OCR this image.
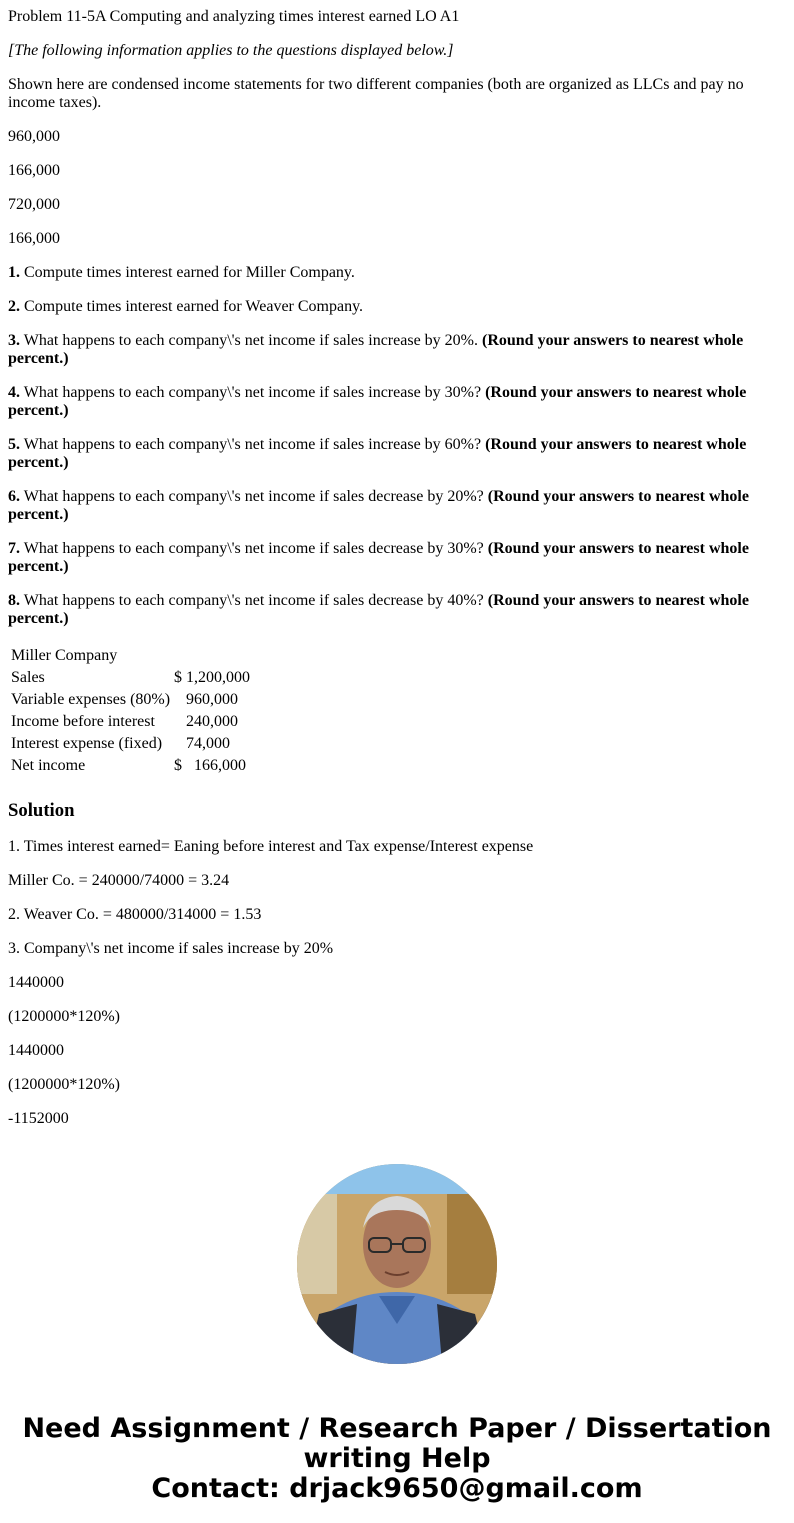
Problem 11-5A Computing and analyzing times interest earned LO A1

[The following information applies to the questions displayed below.]

Shown here are condensed income statements for two different companies (both are organized as LLCs and pay no income taxes).

960,000

166,000

720,000

166,000

1. Compute times interest earned for Miller Company.

2. Compute times interest earned for Weaver Company.

3. What happens to each company\'s net income if sales increase by 20%. (Round your answers to nearest whole percent.)

4. What happens to each company\'s net income if sales increase by 30%? (Round your answers to nearest whole percent.)

5. What happens to each company\'s net income if sales increase by 60%? (Round your answers to nearest whole percent.)

6. What happens to each company\'s net income if sales decrease by 20%? (Round your answers to nearest whole percent.)

7. What happens to each company\'s net income if sales decrease by 30%? (Round your answers to nearest whole percent.)

8. What happens to each company\'s net income if sales decrease by 40%? (Round your answers to nearest whole percent.)

Miller Company		
Sales	$	1,200,000
Variable expenses (80%)		960,000
Income before interest		240,000
Interest expense (fixed)		74,000
Net income	$	166,000
Solution

1. Times interest earned= Eaning before interest and Tax expense/Interest expense

Miller Co. = 240000/74000 = 3.24

2. Weaver Co. = 480000/314000 = 1.53

3. Company\'s net income if sales increase by 20%

1440000

(1200000*120%)

1440000

(1200000*120%)

-1152000

Need Assignment / Research Paper / Dissertation
writing Help
Contact: drjack9650@gmail.com
